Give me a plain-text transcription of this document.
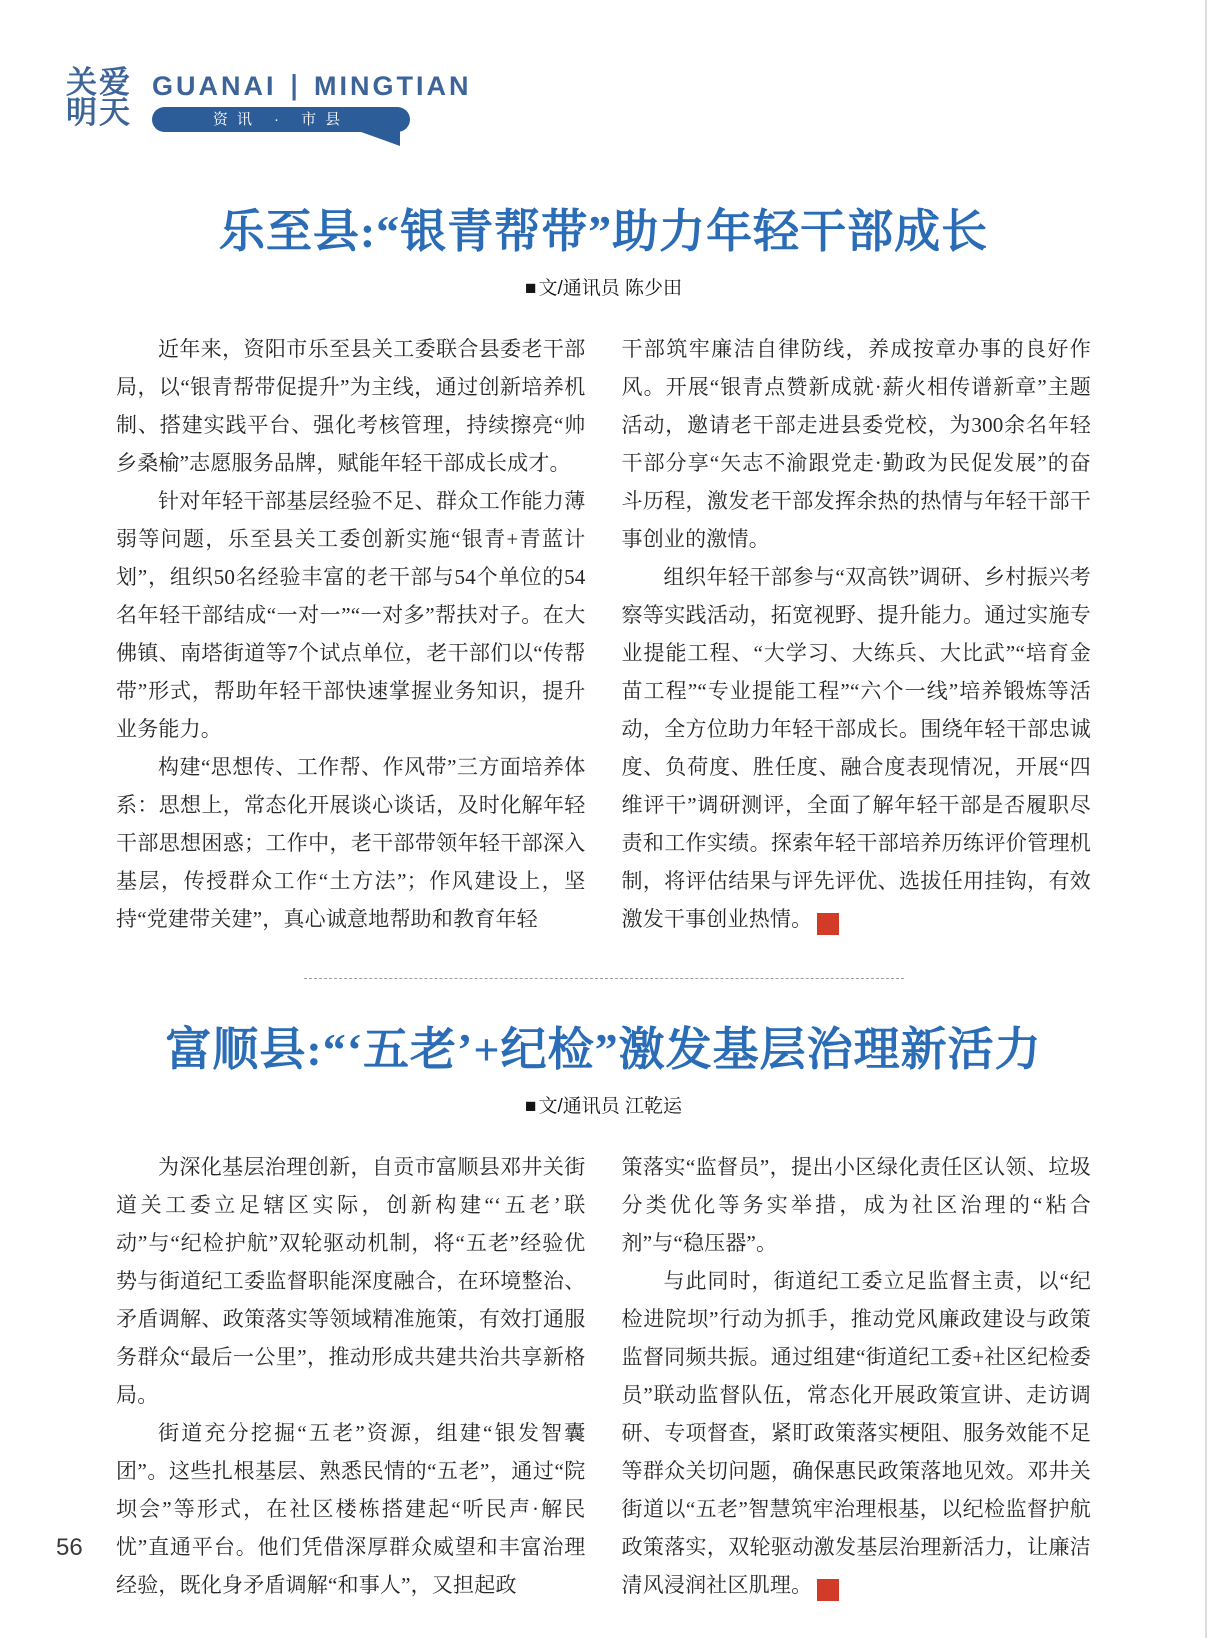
关爱
明天
GUANAI ∣ MINGTIAN
资讯 · 市县
乐至县:“银青帮带”助力年轻干部成长
■ 文/通讯员 陈少田

近年来，资阳市乐至县关工委联合县委老干部局，以“银青帮带促提升”为主线，通过创新培养机制、搭建实践平台、强化考核管理，持续擦亮“帅乡桑榆”志愿服务品牌，赋能年轻干部成长成才。

针对年轻干部基层经验不足、群众工作能力薄弱等问题，乐至县关工委创新实施“银青+青蓝计划”，组织50名经验丰富的老干部与54个单位的54名年轻干部结成“一对一”“一对多”帮扶对子。在大佛镇、南塔街道等7个试点单位，老干部们以“传帮带”形式，帮助年轻干部快速掌握业务知识，提升业务能力。

构建“思想传、工作帮、作风带”三方面培养体系：思想上，常态化开展谈心谈话，及时化解年轻干部思想困惑；工作中，老干部带领年轻干部深入基层，传授群众工作“土方法”；作风建设上，坚持“党建带关建”，真心诚意地帮助和教育年轻

干部筑牢廉洁自律防线，养成按章办事的良好作风。开展“银青点赞新成就·薪火相传谱新章”主题活动，邀请老干部走进县委党校，为300余名年轻干部分享“矢志不渝跟党走·勤政为民促发展”的奋斗历程，激发老干部发挥余热的热情与年轻干部干事创业的激情。

组织年轻干部参与“双高铁”调研、乡村振兴考察等实践活动，拓宽视野、提升能力。通过实施专业提能工程、“大学习、大练兵、大比武”“培育金苗工程”“专业提能工程”“六个一线”培养锻炼等活动，全方位助力年轻干部成长。围绕年轻干部忠诚度、负荷度、胜任度、融合度表现情况，开展“四维评干”调研测评，全面了解年轻干部是否履职尽责和工作实绩。探索年轻干部培养历练评价管理机制，将评估结果与评先评优、选拔任用挂钩，有效激发干事创业热情。	关

富顺县:“‘五老’+纪检”激发基层治理新活力
■ 文/通讯员 江乾运

为深化基层治理创新，自贡市富顺县邓井关街道关工委立足辖区实际，创新构建“‘五老’联动”与“纪检护航”双轮驱动机制，将“五老”经验优势与街道纪工委监督职能深度融合，在环境整治、矛盾调解、政策落实等领域精准施策，有效打通服务群众“最后一公里”，推动形成共建共治共享新格局。

街道充分挖掘“五老”资源，组建“银发智囊团”。这些扎根基层、熟悉民情的“五老”，通过“院坝会”等形式，在社区楼栋搭建起“听民声·解民忧”直通平台。他们凭借深厚群众威望和丰富治理经验，既化身矛盾调解“和事人”，又担起政

策落实“监督员”，提出小区绿化责任区认领、垃圾分类优化等务实举措，成为社区治理的“粘合剂”与“稳压器”。

与此同时，街道纪工委立足监督主责，以“纪检进院坝”行动为抓手，推动党风廉政建设与政策监督同频共振。通过组建“街道纪工委+社区纪检委员”联动监督队伍，常态化开展政策宣讲、走访调研、专项督查，紧盯政策落实梗阻、服务效能不足等群众关切问题，确保惠民政策落地见效。邓井关街道以“五老”智慧筑牢治理根基，以纪检监督护航政策落实，双轮驱动激发基层治理新活力，让廉洁清风浸润社区肌理。	关

56
